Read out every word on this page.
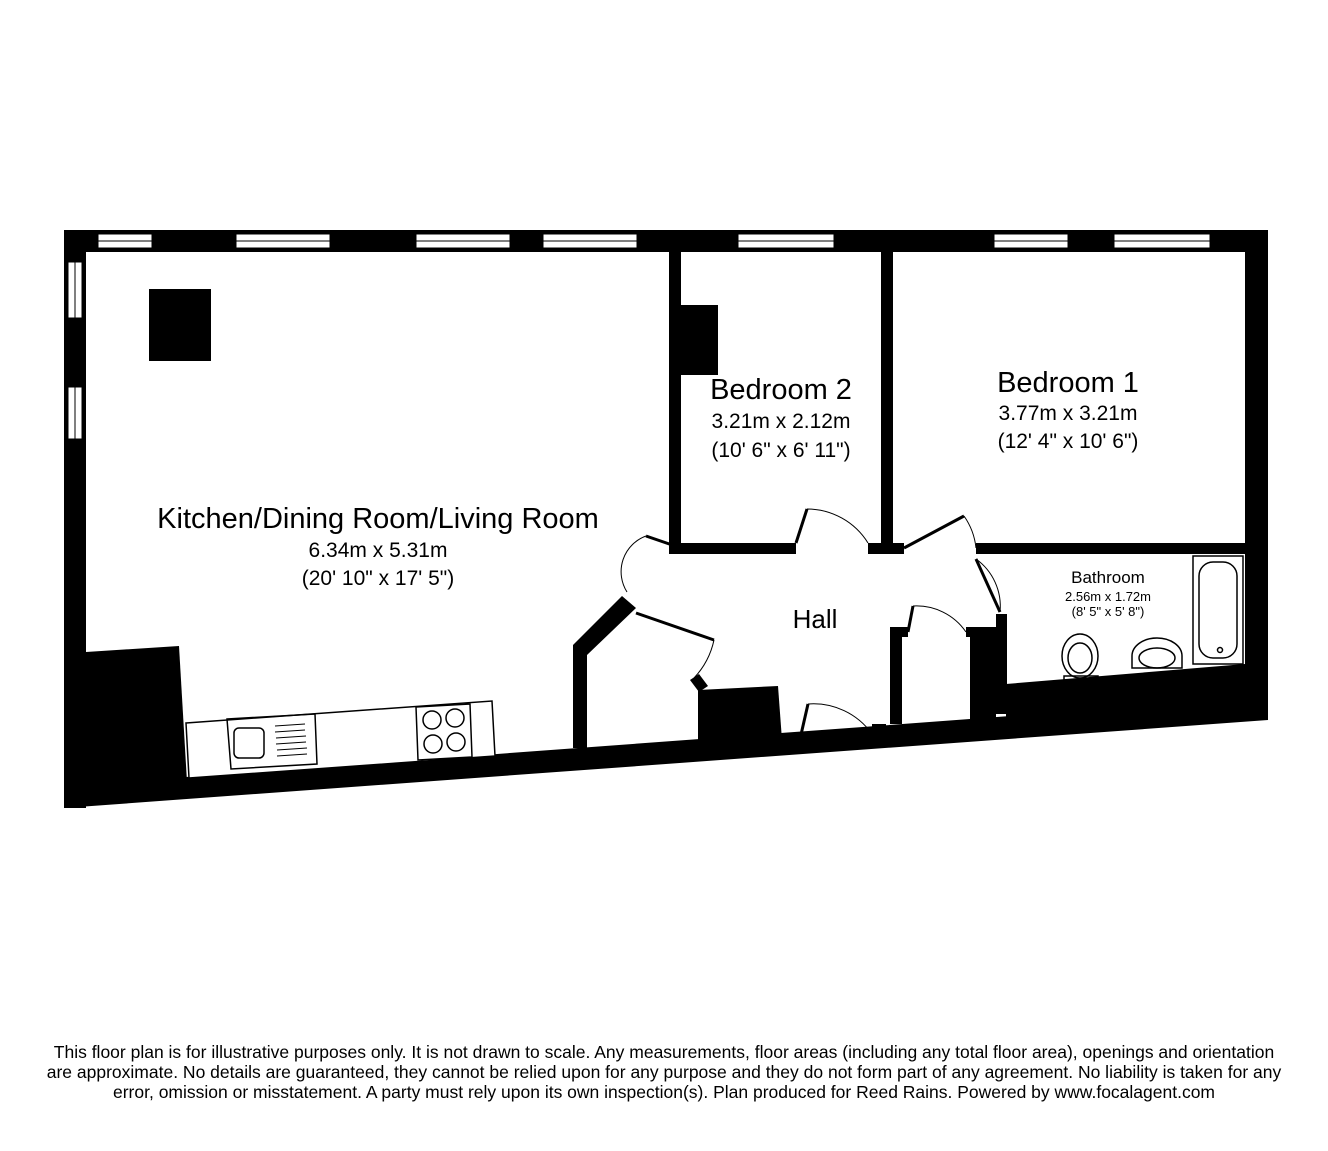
Kitchen/Dining Room/Living Room
6.34m x 5.31m
(20' 10" x 17' 5")
Bedroom 2
3.21m x 2.12m
(10' 6" x 6' 11")
Bedroom 1
3.77m x 3.21m
(12' 4" x 10' 6")
Bathroom
2.56m x 1.72m
(8' 5" x 5' 8")
Hall
This floor plan is for illustrative purposes only. It is not drawn to scale. Any measurements, floor areas (including any total floor area), openings and orientation are approximate. No details are guaranteed, they cannot be relied upon for any purpose and they do not form part of any agreement. No liability is taken for any error, omission or misstatement. A party must rely upon its own inspection(s). Plan produced for Reed Rains. Powered by www.focalagent.com
